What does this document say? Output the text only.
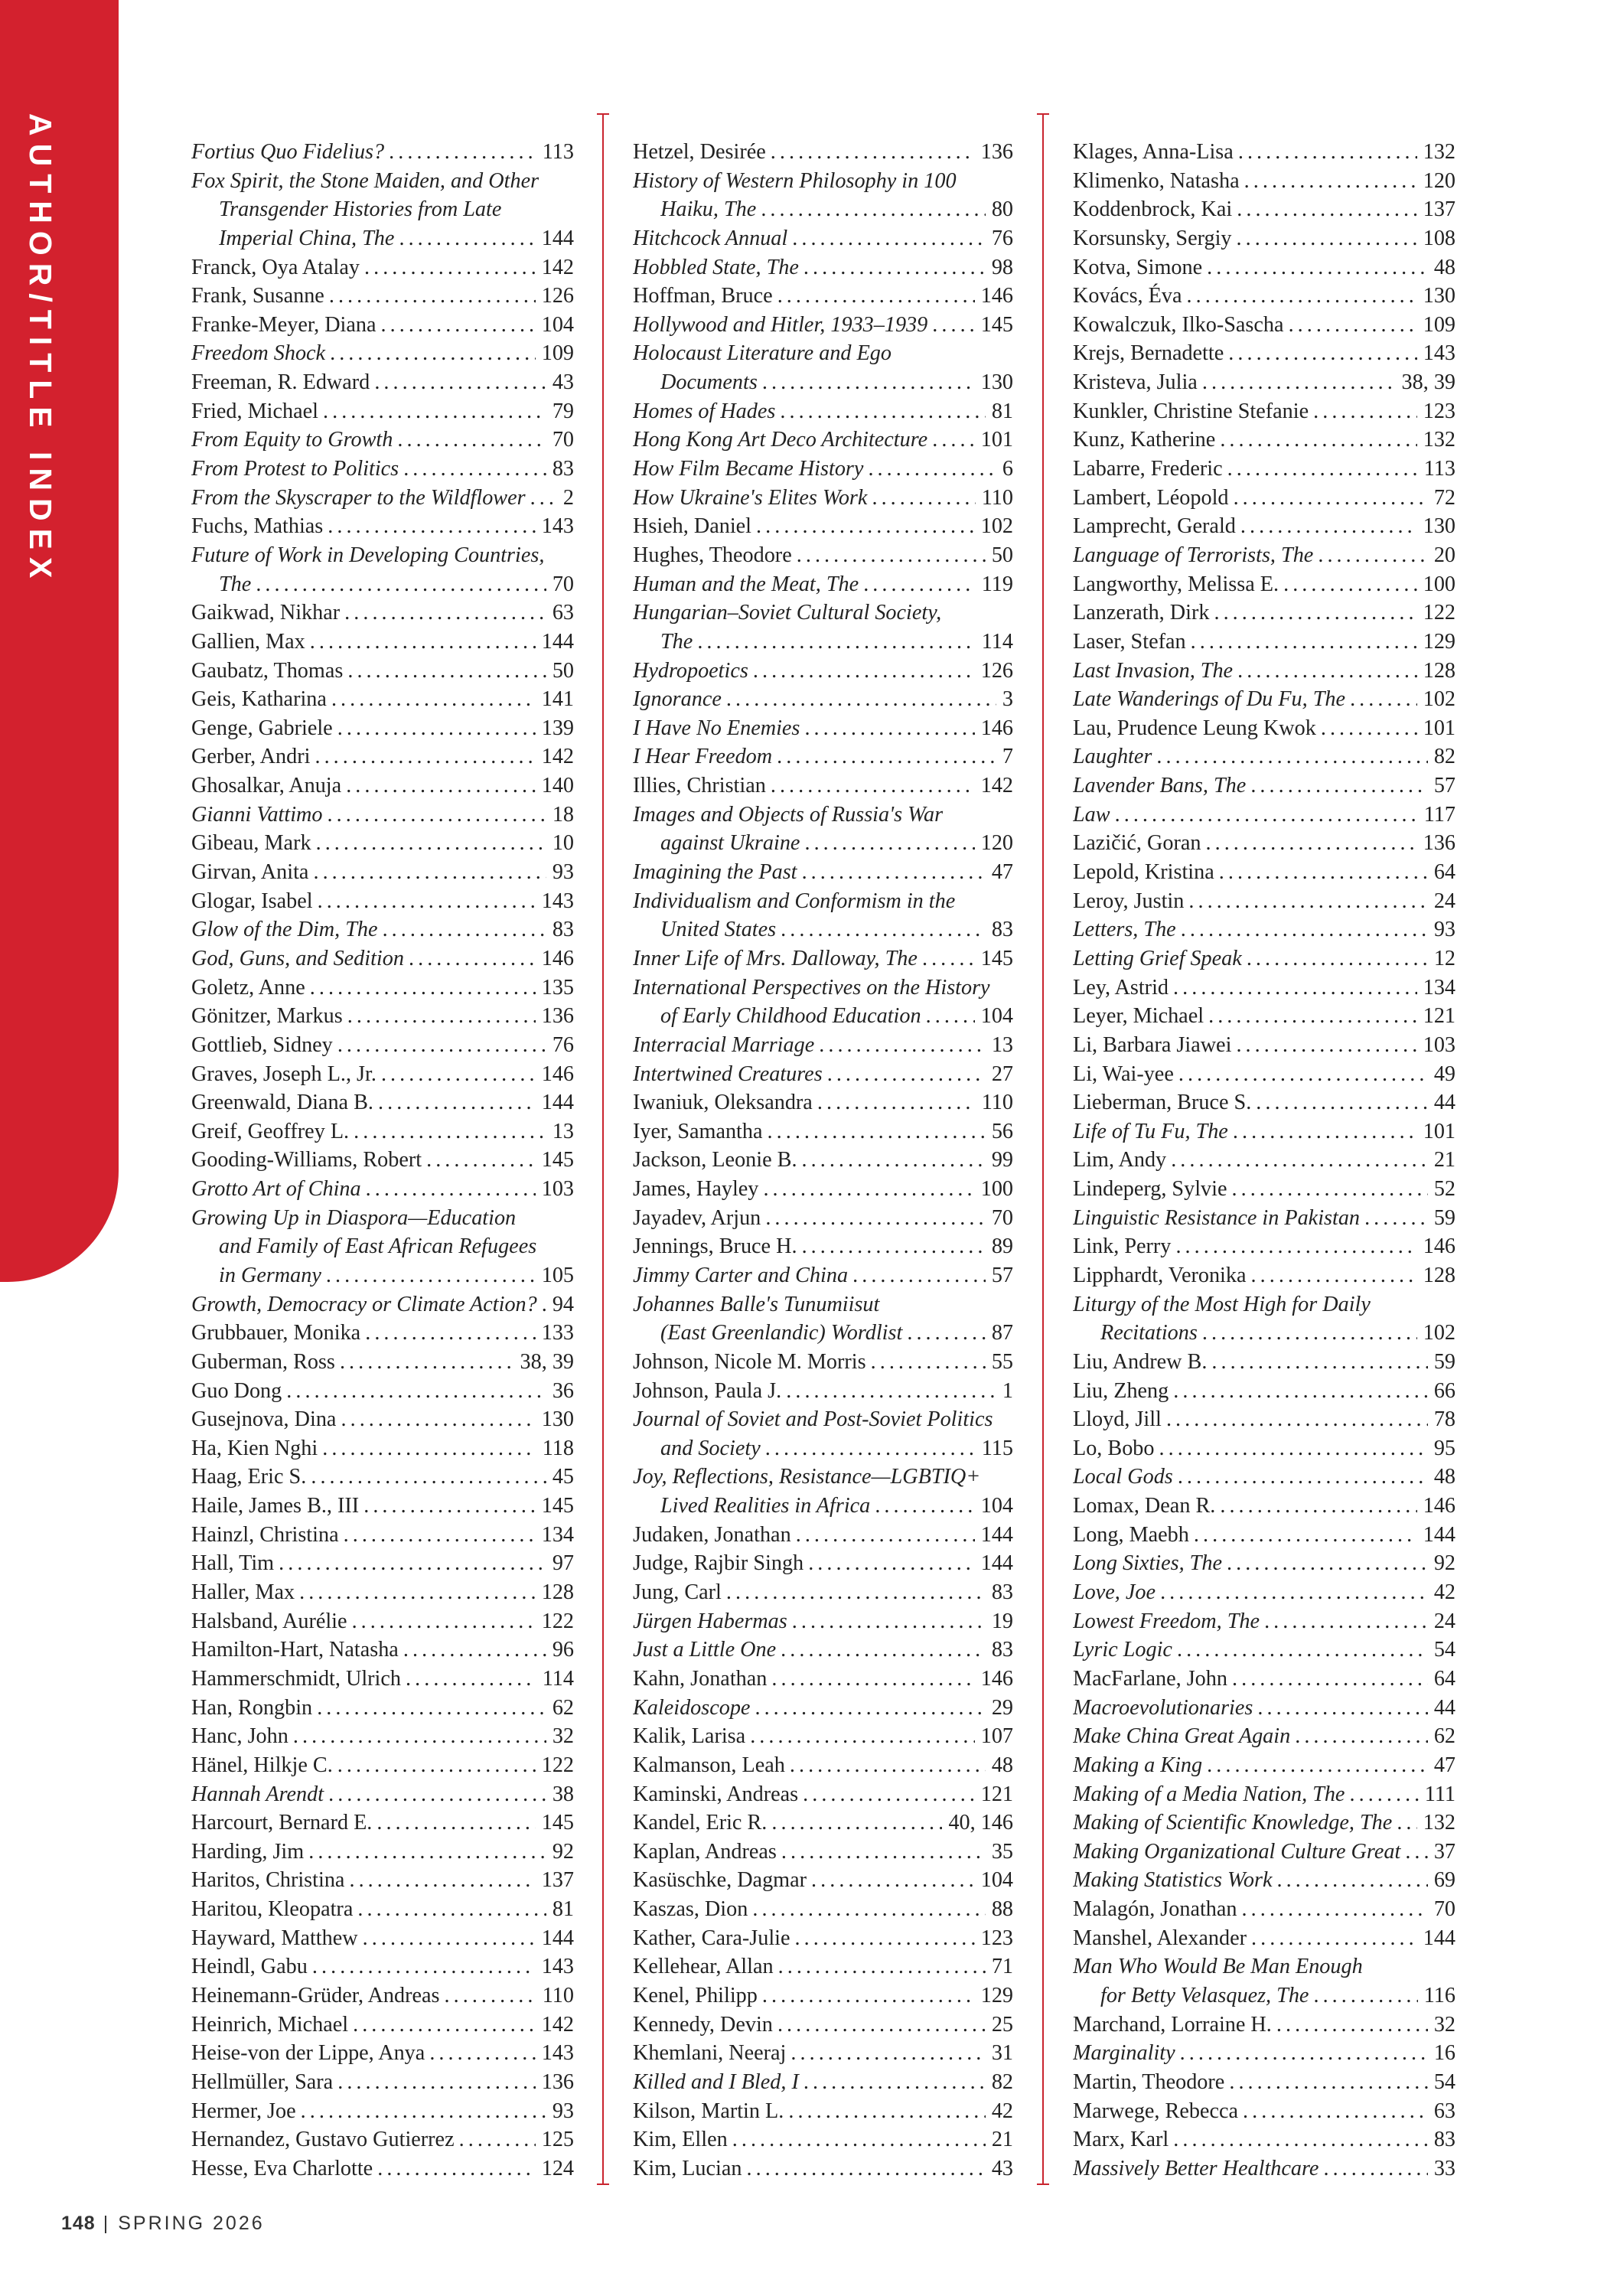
AUTHOR/TITLE INDEX	Fortius Quo Fidelius? . . .	113
Fox Spirit, the Stone Maiden, and Other
Transgender Histories from Late
Imperial China, The . . .	144
Franck, Oya Atalay . . .	142
Frank, Susanne . . .	126
Franke-Meyer, Diana . . .	104
Freedom Shock . . .	109
Freeman, R. Edward . . .	43
Fried, Michael . . .	79
From Equity to Growth . . .	70
From Protest to Politics . . .	83
From the Skyscraper to the Wildflower . . .	2
Fuchs, Mathias . . .	143
Future of Work in Developing Countries,
The . . .	70
Gaikwad, Nikhar . . .	63
Gallien, Max . . .	144
Gaubatz, Thomas . . .	50
Geis, Katharina . . .	141
Genge, Gabriele . . .	139
Gerber, Andri . . .	142
Ghosalkar, Anuja . . .	140
Gianni Vattimo . . .	18
Gibeau, Mark . . .	10
Girvan, Anita . . .	93
Glogar, Isabel . . .	143
Glow of the Dim, The . . .	83
God, Guns, and Sedition . . .	146
Goletz, Anne . . .	135
Gönitzer, Markus . . .	136
Gottlieb, Sidney . . .	76
Graves, Joseph L., Jr. . . .	146
Greenwald, Diana B. . . .	144
Greif, Geoffrey L. . . .	13
Gooding-Williams, Robert . . .	145
Grotto Art of China . . .	103
Growing Up in Diaspora—Education
and Family of East African Refugees
in Germany . . .	105
Growth, Democracy or Climate Action? . . . 94
Grubbauer, Monika . . .	133
Guberman, Ross . . .	38, 39
Guo Dong . . .	36
Gusejnova, Dina . . .	130
Ha, Kien Nghi . . .	118
Haag, Eric S. . . .	45
Haile, James B., III . . .	145
Hainzl, Christina . . .	134
Hall, Tim . . .	97
Haller, Max . . .	128
Halsband, Aurélie . . .	122
Hamilton-Hart, Natasha . . .	96
Hammerschmidt, Ulrich . . .	114
Han, Rongbin . . .	62
Hanc, John . . .	32
Hänel, Hilkje C. . . .	122
Hannah Arendt . . .	38
Harcourt, Bernard E. . . .	145
Harding, Jim . . .	92
Haritos, Christina . . .	137
Haritou, Kleopatra . . .	81
Hayward, Matthew . . .	144
Heindl, Gabu . . .	143
Heinemann-Grüder, Andreas . . .	110
Heinrich, Michael . . .	142
Heise-von der Lippe, Anya . . .	143
Hellmüller, Sara . . .	136
Hermer, Joe . . .	93
Hernandez, Gustavo Gutierrez . . .	125
Hesse, Eva Charlotte . . .	124
Hetzel, Desirée . . .	136
History of Western Philosophy in 100
Haiku, The . . .	80
Hitchcock Annual . . .	76
Hobbled State, The . . .	98
Hoffman, Bruce . . .	146
Hollywood and Hitler, 1933–1939 . . .	145
Holocaust Literature and Ego
Documents . . .	130
Homes of Hades . . .	81
Hong Kong Art Deco Architecture . . .	101
How Film Became History . . .	6
How Ukraine's Elites Work . . .	110
Hsieh, Daniel . . .	102
Hughes, Theodore . . .	50
Human and the Meat, The . . .	119
Hungarian–Soviet Cultural Society,
The . . .	114
Hydropoetics . . .	126
Ignorance . . .	3
I Have No Enemies . . .	146
I Hear Freedom . . .	7
Illies, Christian . . .	142
Images and Objects of Russia's War
against Ukraine . . .	120
Imagining the Past . . .	47
Individualism and Conformism in the
United States . . .	83
Inner Life of Mrs. Dalloway, The . . .	145
International Perspectives on the History
of Early Childhood Education . . .	104
Interracial Marriage . . .	13
Intertwined Creatures . . .	27
Iwaniuk, Oleksandra . . .	110
Iyer, Samantha . . .	56
Jackson, Leonie B. . . .	99
James, Hayley . . .	100
Jayadev, Arjun . . .	70
Jennings, Bruce H. . . .	89
Jimmy Carter and China . . .	57
Johannes Balle's Tunumiisut
(East Greenlandic) Wordlist . . .	87
Johnson, Nicole M. Morris . . .	55
Johnson, Paula J. . . .	1
Journal of Soviet and Post-Soviet Politics
and Society . . .	115
Joy, Reflections, Resistance—LGBTIQ+
Lived Realities in Africa . . .	104
Judaken, Jonathan . . .	144
Judge, Rajbir Singh . . .	144
Jung, Carl . . .	83
Jürgen Habermas . . .	19
Just a Little One . . .	83
Kahn, Jonathan . . .	146
Kaleidoscope . . .	29
Kalik, Larisa . . .	107
Kalmanson, Leah . . .	48
Kaminski, Andreas . . .	121
Kandel, Eric R. . . .	40, 146
Kaplan, Andreas . . .	35
Kasüschke, Dagmar . . .	104
Kaszas, Dion . . .	88
Kather, Cara-Julie . . .	123
Kellehear, Allan . . .	71
Kenel, Philipp . . .	129
Kennedy, Devin . . .	25
Khemlani, Neeraj . . .	31
Killed and I Bled, I . . .	82
Kilson, Martin L. . . .	42
Kim, Ellen . . .	21
Kim, Lucian . . .	43
Klages, Anna-Lisa . . .	132
Klimenko, Natasha . . .	120
Koddenbrock, Kai . . .	137
Korsunsky, Sergiy . . .	108
Kotva, Simone . . .	48
Kovács, Éva . . .	130
Kowalczuk, Ilko-Sascha . . .	109
Krejs, Bernadette . . .	143
Kristeva, Julia . . .	38, 39
Kunkler, Christine Stefanie . . .	123
Kunz, Katherine . . .	132
Labarre, Frederic . . .	113
Lambert, Léopold . . .	72
Lamprecht, Gerald . . .	130
Language of Terrorists, The . . .	20
Langworthy, Melissa E. . . .	100
Lanzerath, Dirk . . .	122
Laser, Stefan . . .	129
Last Invasion, The . . .	128
Late Wanderings of Du Fu, The . . .	102
Lau, Prudence Leung Kwok . . .	101
Laughter . . .	82
Lavender Bans, The . . .	57
Law . . .	117
Lazičić, Goran . . .	136
Lepold, Kristina . . .	64
Leroy, Justin . . .	24
Letters, The . . .	93
Letting Grief Speak . . .	12
Ley, Astrid . . .	134
Leyer, Michael . . .	121
Li, Barbara Jiawei . . .	103
Li, Wai-yee . . .	49
Lieberman, Bruce S. . . .	44
Life of Tu Fu, The . . .	101
Lim, Andy . . .	21
Lindeperg, Sylvie . . .	52
Linguistic Resistance in Pakistan . . .	59
Link, Perry . . .	146
Lipphardt, Veronika . . .	128
Liturgy of the Most High for Daily
Recitations . . .	102
Liu, Andrew B. . . .	59
Liu, Zheng . . .	66
Lloyd, Jill . . .	78
Lo, Bobo . . .	95
Local Gods . . .	48
Lomax, Dean R. . . .	146
Long, Maebh . . .	144
Long Sixties, The . . .	92
Love, Joe . . .	42
Lowest Freedom, The . . .	24
Lyric Logic . . .	54
MacFarlane, John . . .	64
Macroevolutionaries . . .	44
Make China Great Again . . .	62
Making a King . . .	47
Making of a Media Nation, The . . .	111
Making of Scientific Knowledge, The . . .	132
Making Organizational Culture Great . . .	37
Making Statistics Work . . .	69
Malagón, Jonathan . . .	70
Manshel, Alexander . . .	144
Man Who Would Be Man Enough
for Betty Velasquez, The . . .	116
Marchand, Lorraine H. . . .	32
Marginality . . .	16
Martin, Theodore . . .	54
Marwege, Rebecca . . .	63
Marx, Karl . . .	83
Massively Better Healthcare . . .	33
148 | SPRING 2026
